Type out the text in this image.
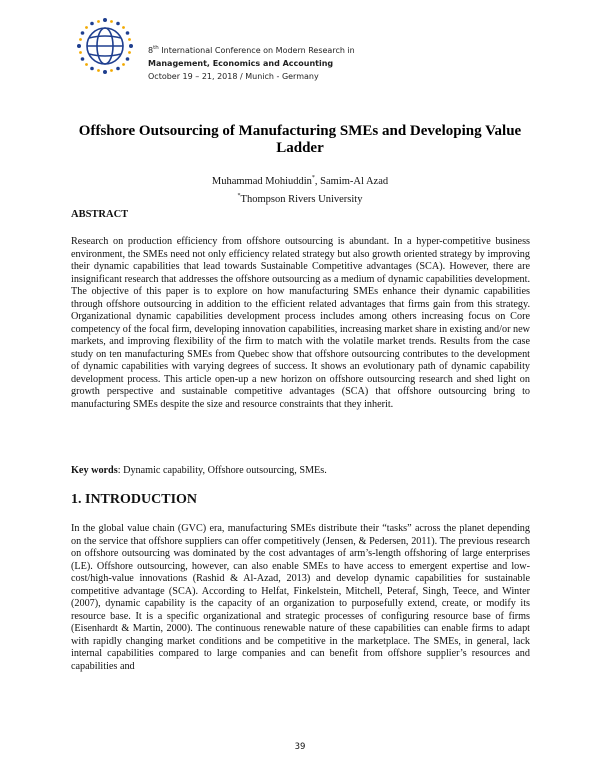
8th International Conference on Modern Research in
Management, Economics and Accounting
October 19 – 21, 2018 / Munich - Germany
Offshore Outsourcing of Manufacturing SMEs and Developing Value Ladder
Muhammad Mohiuddin*, Samim-Al Azad
*Thompson Rivers University
ABSTRACT

Research on production efficiency from offshore outsourcing is abundant. In a hyper-competitive business environment, the SMEs need not only efficiency related strategy but also growth oriented strategy by improving their dynamic capabilities that lead towards Sustainable Competitive advantages (SCA). However, there are insignificant research that addresses the offshore outsourcing as a medium of dynamic capabilities development. The objective of this paper is to explore on how manufacturing SMEs enhance their dynamic capabilities through offshore outsourcing in addition to the efficient related advantages that firms gain from this strategy. Organizational dynamic capabilities development process includes among others increasing focus on Core competency of the focal firm, developing innovation capabilities, increasing market share in existing and/or new markets, and improving flexibility of the firm to match with the volatile market trends. Results from the case study on ten manufacturing SMEs from Quebec show that offshore outsourcing contributes to the development of dynamic capabilities with varying degrees of success. It shows an evolutionary path of dynamic capability development process. This article open-up a new horizon on offshore outsourcing research and shed light on growth perspective and sustainable competitive advantages (SCA) that offshore outsourcing bring to manufacturing SMEs despite the size and resource constraints that they inherit.

Key words: Dynamic capability, Offshore outsourcing, SMEs.

1. INTRODUCTION

In the global value chain (GVC) era, manufacturing SMEs distribute their “tasks” across the planet depending on the service that offshore suppliers can offer competitively (Jensen, & Pedersen, 2011). The previous research on offshore outsourcing was dominated by the cost advantages of arm’s-length offshoring of large enterprises (LE). Offshore outsourcing, however, can also enable SMEs to have access to emergent expertise and low-cost/high-value innovations (Rashid & Al-Azad, 2013) and develop dynamic capabilities for sustainable competitive advantage (SCA). According to Helfat, Finkelstein, Mitchell, Peteraf, Singh, Teece, and Winter (2007), dynamic capability is the capacity of an organization to purposefully extend, create, or modify its resource base. It is a specific organizational and strategic processes of configuring resource base of firms (Eisenhardt & Martin, 2000). The continuous renewable nature of these capabilities can enable firms to adapt with rapidly changing market conditions and be competitive in the marketplace. The SMEs, in general, lack internal capabilities compared to large companies and can benefit from offshore supplier’s resources and capabilities and

39
